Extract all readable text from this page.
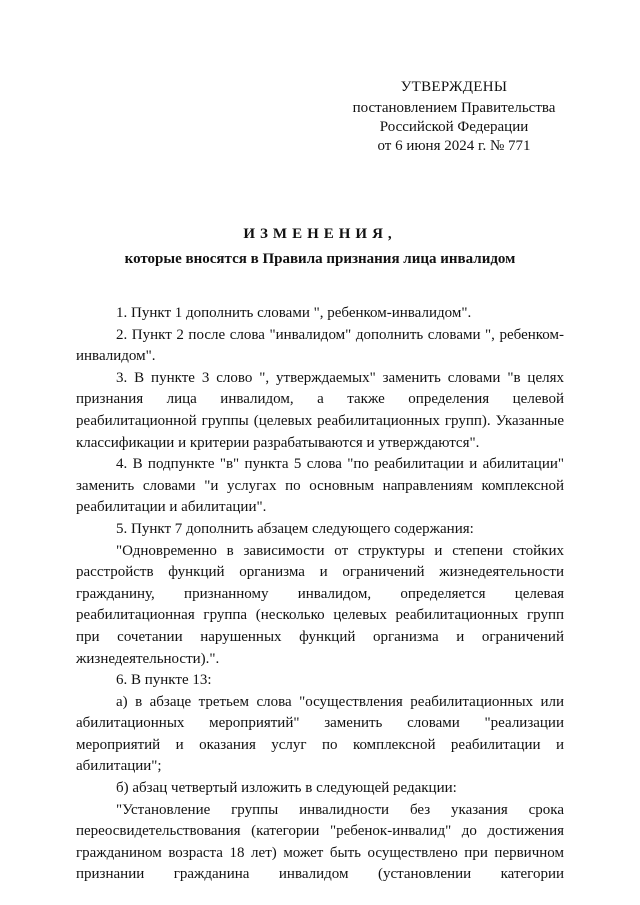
УТВЕРЖДЕНЫ
постановлением Правительства
Российской Федерации
от 6 июня 2024 г. № 771
ИЗМЕНЕНИЯ,
которые вносятся в Правила признания лица инвалидом

1. Пункт 1 дополнить словами ", ребенком-инвалидом".

2. Пункт 2 после слова "инвалидом" дополнить словами ", ребенком-инвалидом".

3. В пункте 3 слово ", утверждаемых" заменить словами "в целях признания лица инвалидом, а также определения целевой реабилитационной группы (целевых реабилитационных групп). Указанные классификации и критерии разрабатываются и утверждаются".

4. В подпункте "в" пункта 5 слова "по реабилитации и абилитации" заменить словами "и услугах по основным направлениям комплексной реабилитации и абилитации".

5. Пункт 7 дополнить абзацем следующего содержания:

"Одновременно в зависимости от структуры и степени стойких расстройств функций организма и ограничений жизнедеятельности гражданину, признанному инвалидом, определяется целевая реабилитационная группа (несколько целевых реабилитационных групп при сочетании нарушенных функций организма и ограничений жизнедеятельности).".

6. В пункте 13:

а) в абзаце третьем слова "осуществления реабилитационных или абилитационных мероприятий" заменить словами "реализации мероприятий и оказания услуг по комплексной реабилитации и абилитации";

б) абзац четвертый изложить в следующей редакции:

"Установление группы инвалидности без указания срока переосвидетельствования (категории "ребенок-инвалид" до достижения гражданином возраста 18 лет) может быть осуществлено при первичном признании гражданина инвалидом (установлении категории
